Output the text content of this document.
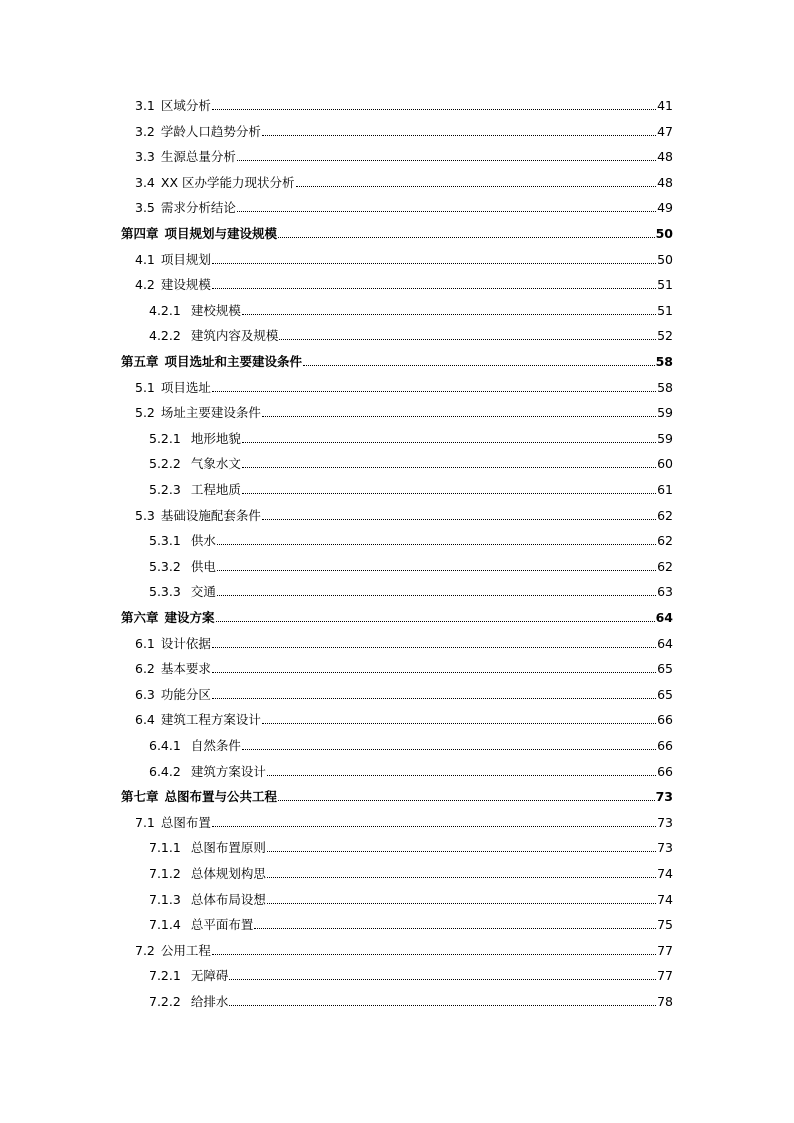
3.1 区域分析	41
3.2 学龄人口趋势分析	47
3.3 生源总量分析	48
3.4 XX 区办学能力现状分析	48
3.5 需求分析结论	49
第四章 项目规划与建设规模	50
4.1 项目规划	50
4.2 建设规模	51
4.2.1 建校规模	51
4.2.2 建筑内容及规模	52
第五章 项目选址和主要建设条件	58
5.1 项目选址	58
5.2 场址主要建设条件	59
5.2.1 地形地貌	59
5.2.2 气象水文	60
5.2.3 工程地质	61
5.3 基础设施配套条件	62
5.3.1 供水	62
5.3.2 供电	62
5.3.3 交通	63
第六章 建设方案	64
6.1 设计依据	64
6.2 基本要求	65
6.3 功能分区	65
6.4 建筑工程方案设计	66
6.4.1 自然条件	66
6.4.2 建筑方案设计	66
第七章 总图布置与公共工程	73
7.1 总图布置	73
7.1.1 总图布置原则	73
7.1.2 总体规划构思	74
7.1.3 总体布局设想	74
7.1.4 总平面布置	75
7.2 公用工程	77
7.2.1 无障碍	77
7.2.2 给排水	78
